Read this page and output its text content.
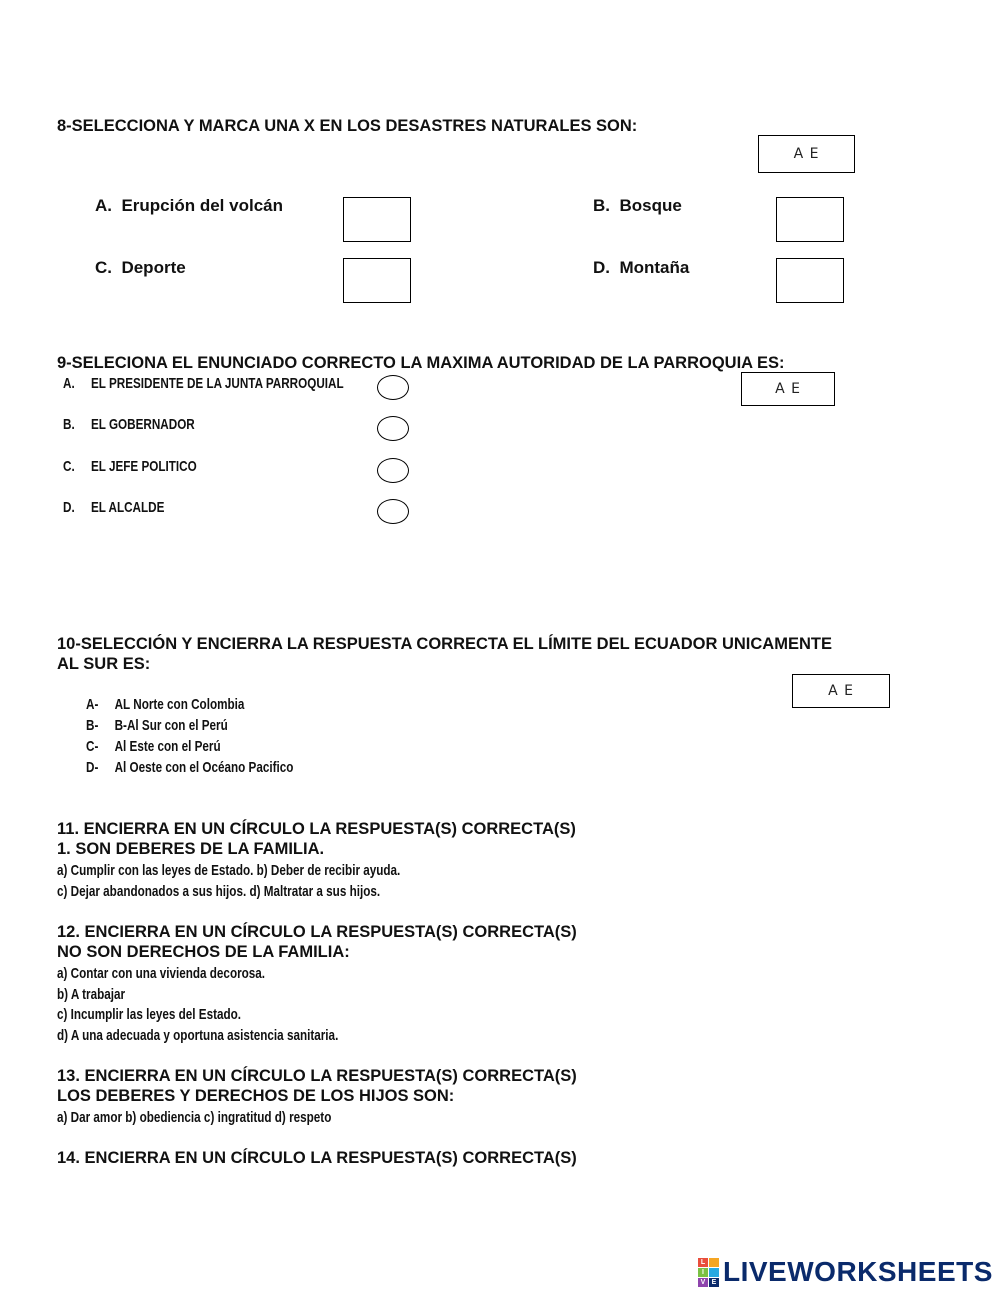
8-SELECCIONA Y MARCA UNA X EN LOS DESASTRES NATURALES SON:
A E
A. Erupción del volcán	B. Bosque
C. Deporte	D. Montaña
9-SELECIONA EL ENUNCIADO CORRECTO LA MAXIMA AUTORIDAD DE LA PARROQUIA ES:
A E
A. EL PRESIDENTE DE LA JUNTA PARROQUIAL
B. EL GOBERNADOR
C. EL JEFE POLITICO
D. EL ALCALDE
10-SELECCIÓN Y ENCIERRA LA RESPUESTA CORRECTA EL LÍMITE DEL ECUADOR UNICAMENTE
AL SUR ES:
A E
A- AL Norte con Colombia
B- B-Al Sur con el Perú
C- Al Este con el Perú
D- Al Oeste con el Océano Pacifico
11. ENCIERRA EN UN CÍRCULO LA RESPUESTA(S) CORRECTA(S)
1. SON DEBERES DE LA FAMILIA.
a) Cumplir con las leyes de Estado. b) Deber de recibir ayuda.
c) Dejar abandonados a sus hijos. d) Maltratar a sus hijos.
12. ENCIERRA EN UN CÍRCULO LA RESPUESTA(S) CORRECTA(S)
NO SON DERECHOS DE LA FAMILIA:
a) Contar con una vivienda decorosa.
b) A trabajar
c) Incumplir las leyes del Estado.
d) A una adecuada y oportuna asistencia sanitaria.
13. ENCIERRA EN UN CÍRCULO LA RESPUESTA(S) CORRECTA(S)
LOS DEBERES Y DERECHOS DE LOS HIJOS SON:
a) Dar amor b) obediencia c) ingratitud d) respeto
14. ENCIERRA EN UN CÍRCULO LA RESPUESTA(S) CORRECTA(S)
L
I
V E LIVEWORKSHEETS
